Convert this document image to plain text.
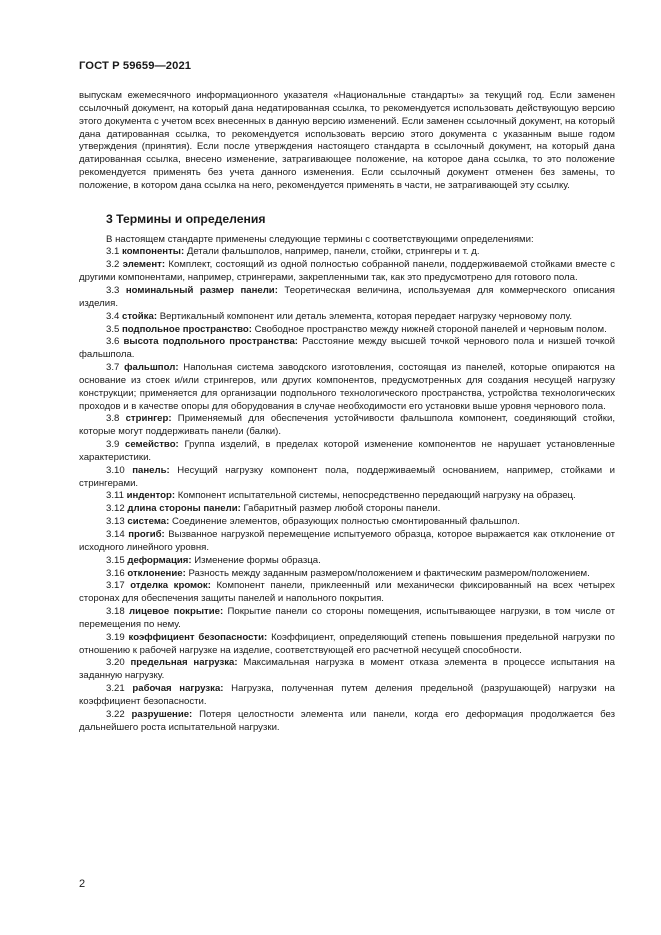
ГОСТ Р 59659—2021

выпускам ежемесячного информационного указателя «Национальные стандарты» за текущий год. Если заменен ссылочный документ, на который дана недатированная ссылка, то рекомендуется использовать действующую версию этого документа с учетом всех внесенных в данную версию изменений. Если заменен ссылочный документ, на который дана датированная ссылка, то рекомендуется использовать версию этого документа с указанным выше годом утверждения (принятия). Если после утверждения настоящего стандарта в ссылочный документ, на который дана датированная ссылка, внесено изменение, затрагивающее положение, на которое дана ссылка, то это положение рекомендуется применять без учета данного изменения. Если ссылочный документ отменен без замены, то положение, в котором дана ссылка на него, рекомендуется применять в части, не затрагивающей эту ссылку.

3 Термины и определения

В настоящем стандарте применены следующие термины с соответствующими определениями:

3.1 компоненты: Детали фальшполов, например, панели, стойки, стрингеры и т. д.

3.2 элемент: Комплект, состоящий из одной полностью собранной панели, поддерживаемой стойками вместе с другими компонентами, например, стрингерами, закрепленными так, как это предусмотрено для готового пола.

3.3 номинальный размер панели: Теоретическая величина, используемая для коммерческого описания изделия.

3.4 стойка: Вертикальный компонент или деталь элемента, которая передает нагрузку черновому полу.

3.5 подпольное пространство: Свободное пространство между нижней стороной панелей и черновым полом.

3.6 высота подпольного пространства: Расстояние между высшей точкой чернового пола и низшей точкой фальшпола.

3.7 фальшпол: Напольная система заводского изготовления, состоящая из панелей, которые опираются на основание из стоек и/или стрингеров, или других компонентов, предусмотренных для создания несущей нагрузку конструкции; применяется для организации подпольного технологического пространства, устройства технологических проходов и в качестве опоры для оборудования в случае необходимости его установки выше уровня чернового пола.

3.8 стрингер: Применяемый для обеспечения устойчивости фальшпола компонент, соединяющий стойки, которые могут поддерживать панели (балки).

3.9 семейство: Группа изделий, в пределах которой изменение компонентов не нарушает установленные характеристики.

3.10 панель: Несущий нагрузку компонент пола, поддерживаемый основанием, например, стойками и стрингерами.

3.11 индентор: Компонент испытательной системы, непосредственно передающий нагрузку на образец.

3.12 длина стороны панели: Габаритный размер любой стороны панели.

3.13 система: Соединение элементов, образующих полностью смонтированный фальшпол.

3.14 прогиб: Вызванное нагрузкой перемещение испытуемого образца, которое выражается как отклонение от исходного линейного уровня.

3.15 деформация: Изменение формы образца.

3.16 отклонение: Разность между заданным размером/положением и фактическим размером/положением.

3.17 отделка кромок: Компонент панели, приклеенный или механически фиксированный на всех четырех сторонах для обеспечения защиты панелей и напольного покрытия.

3.18 лицевое покрытие: Покрытие панели со стороны помещения, испытывающее нагрузки, в том числе от перемещения по нему.

3.19 коэффициент безопасности: Коэффициент, определяющий степень повышения предельной нагрузки по отношению к рабочей нагрузке на изделие, соответствующей его расчетной несущей способности.

3.20 предельная нагрузка: Максимальная нагрузка в момент отказа элемента в процессе испытания на заданную нагрузку.

3.21 рабочая нагрузка: Нагрузка, полученная путем деления предельной (разрушающей) нагрузки на коэффициент безопасности.

3.22 разрушение: Потеря целостности элемента или панели, когда его деформация продолжается без дальнейшего роста испытательной нагрузки.

2
